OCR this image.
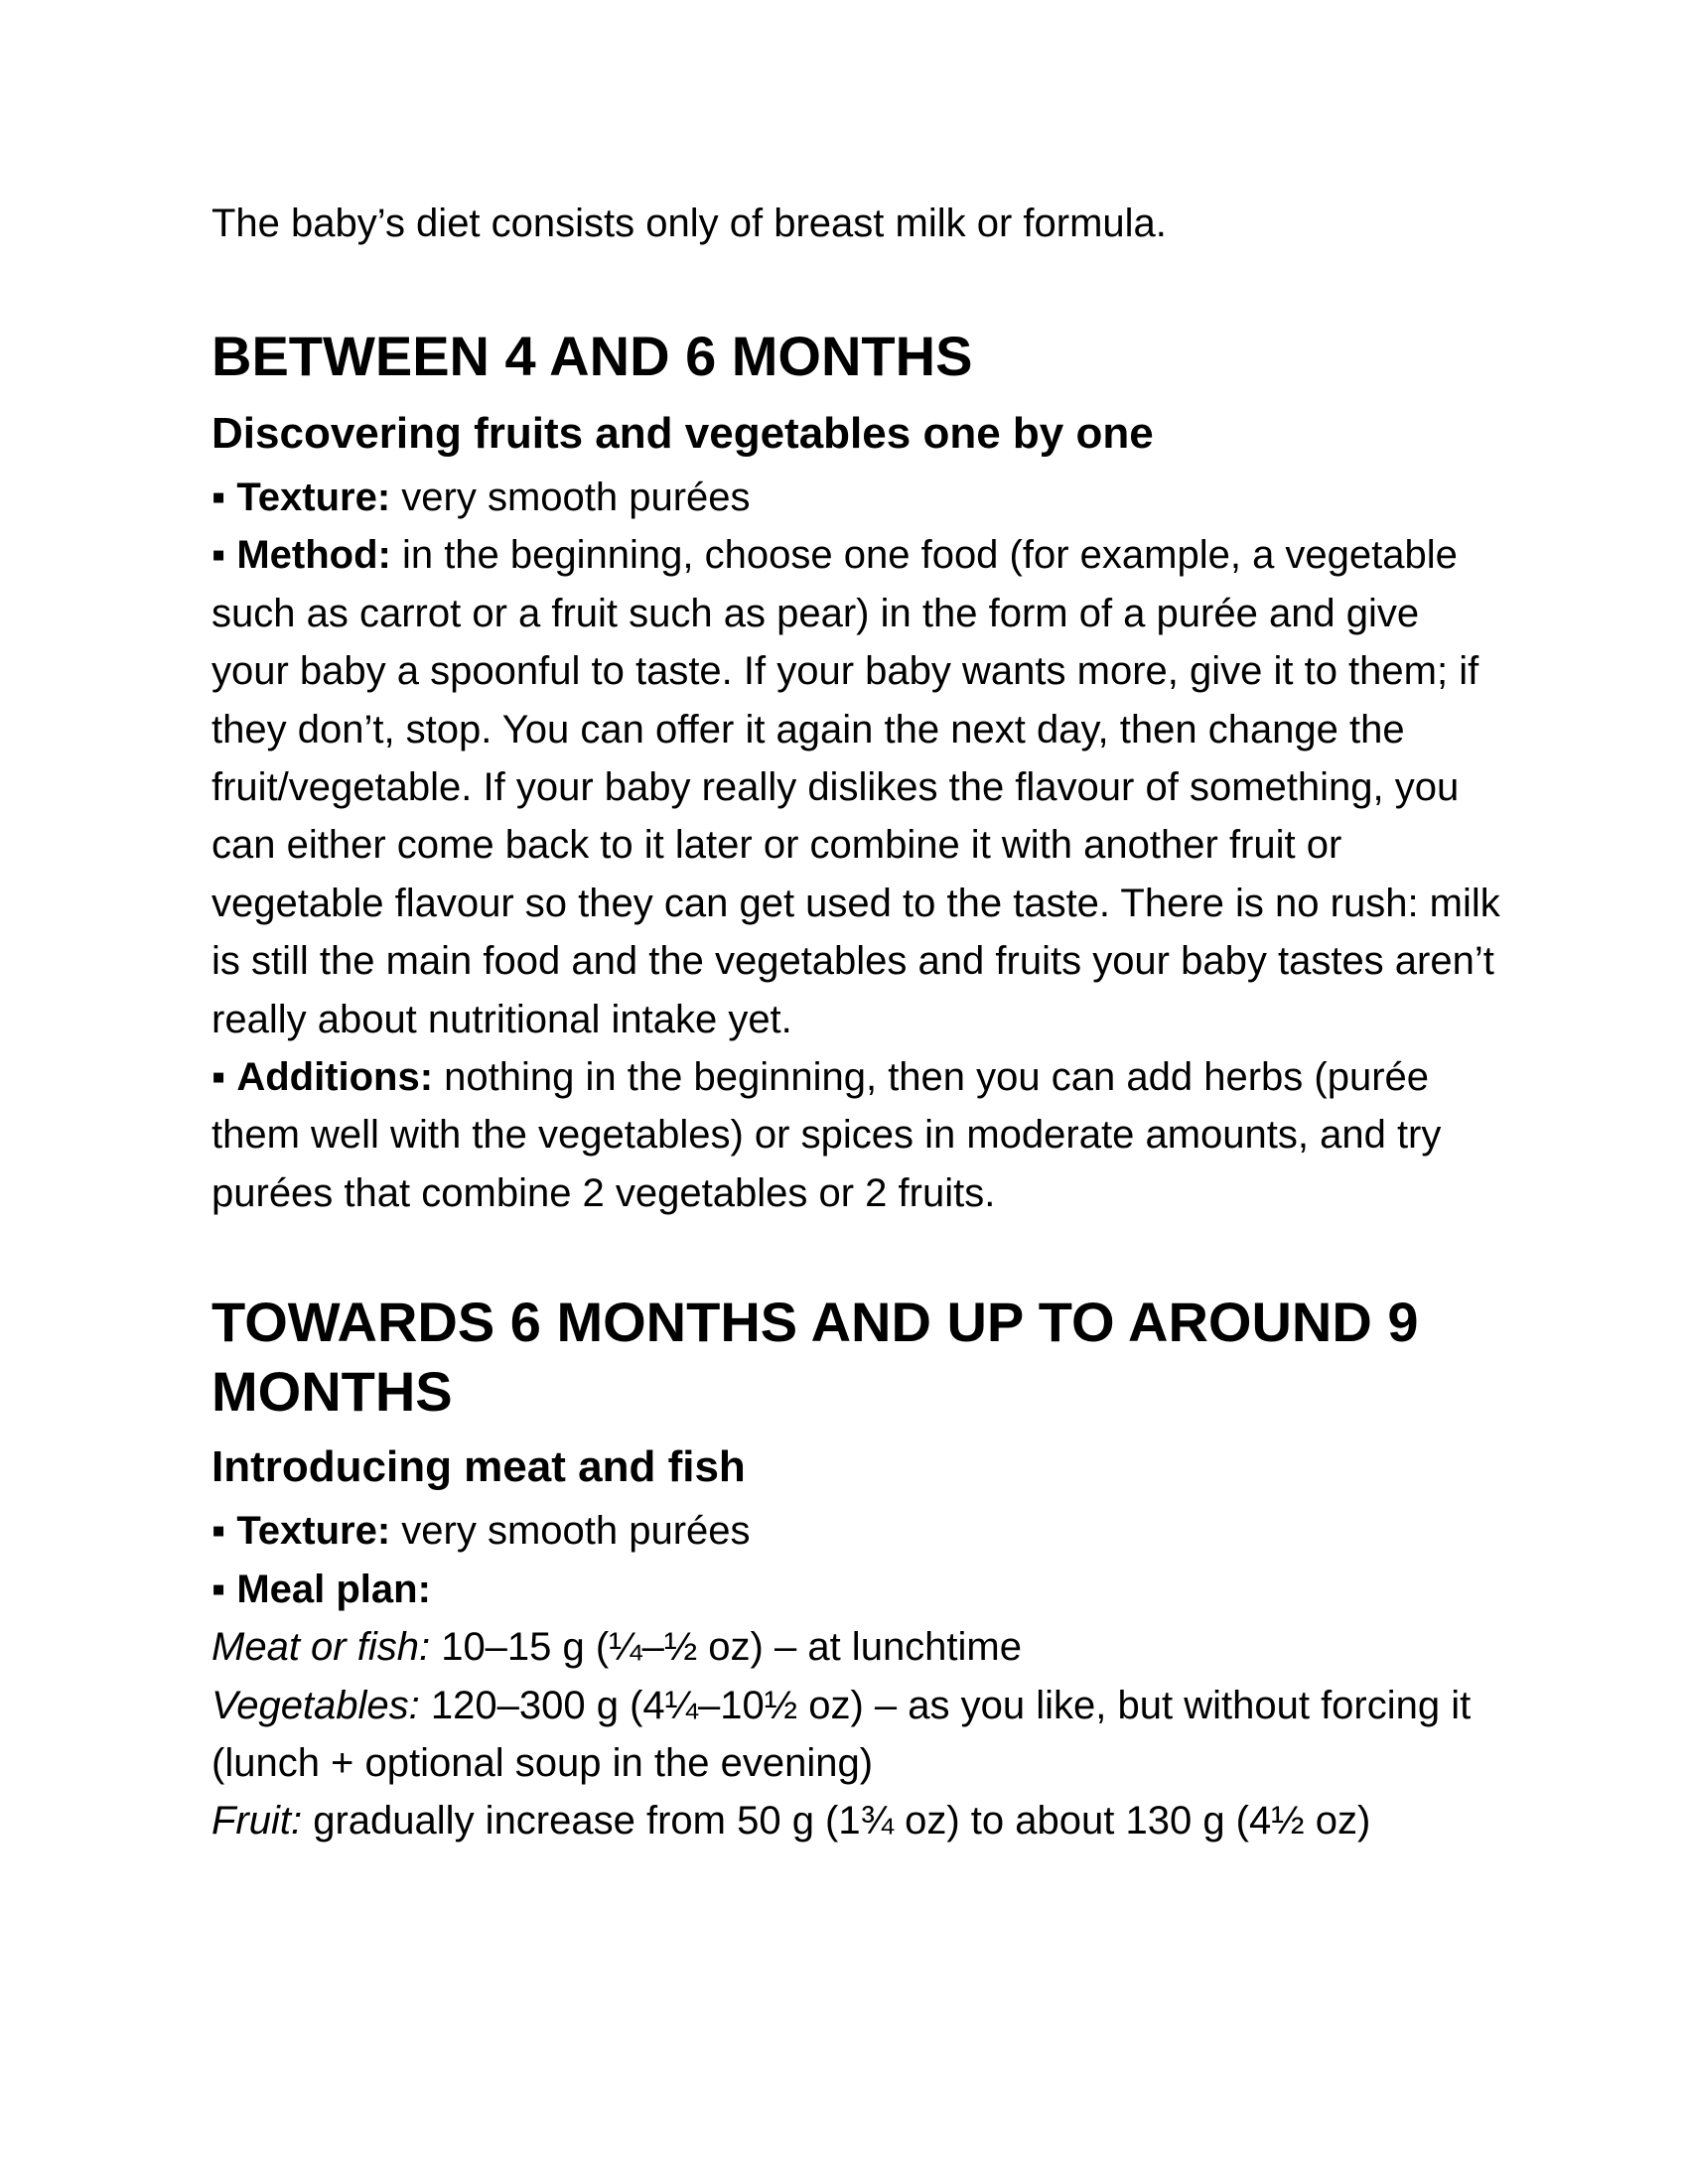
The baby’s diet consists only of breast milk or formula.

BETWEEN 4 AND 6 MONTHS
Discovering fruits and vegetables one by one

▪ Texture: very smooth purées

▪ Method: in the beginning, choose one food (for example, a vegetable such as carrot or a fruit such as pear) in the form of a purée and give your baby a spoonful to taste. If your baby wants more, give it to them; if they don’t, stop. You can offer it again the next day, then change the fruit/vegetable. If your baby really dislikes the flavour of something, you can either come back to it later or combine it with another fruit or vegetable flavour so they can get used to the taste. There is no rush: milk is still the main food and the vegetables and fruits your baby tastes aren’t really about nutritional intake yet.

▪ Additions: nothing in the beginning, then you can add herbs (purée them well with the vegetables) or spices in moderate amounts, and try purées that combine 2 vegetables or 2 fruits.

TOWARDS 6 MONTHS AND UP TO AROUND 9 MONTHS
Introducing meat and fish

▪ Texture: very smooth purées

▪ Meal plan:

Meat or fish: 10–15 g (¼–½ oz) – at lunchtime

Vegetables: 120–300 g (4¼–10½ oz) – as you like, but without forcing it (lunch + optional soup in the evening)

Fruit: gradually increase from 50 g (1¾ oz) to about 130 g (4½ oz)
